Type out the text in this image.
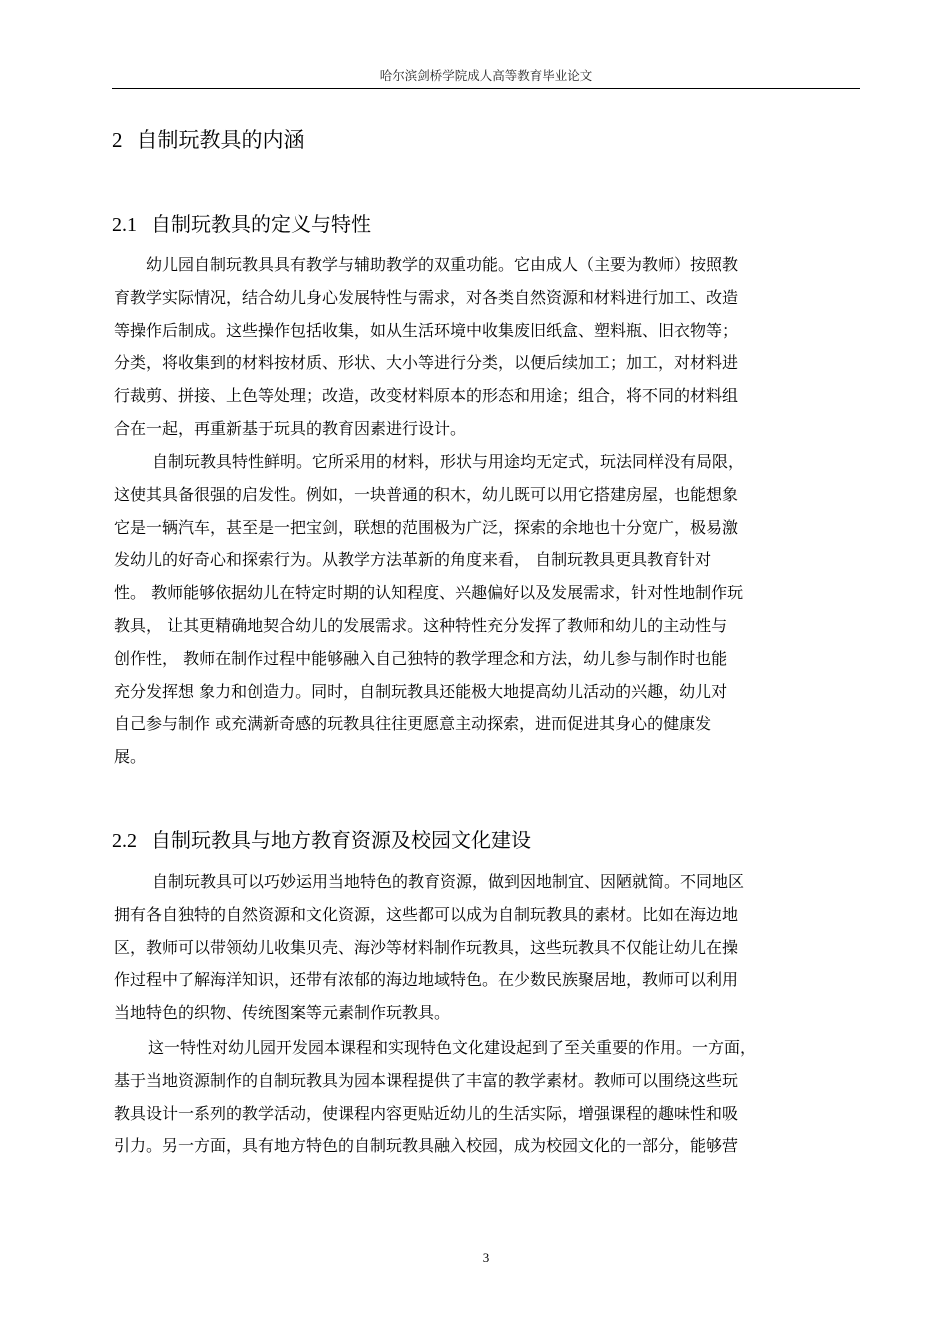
哈尔滨剑桥学院成人高等教育毕业论文
2 自制玩教具的内涵
2.1 自制玩教具的定义与特性
幼儿园自制玩教具具有教学与辅助教学的双重功能。它由成人（主要为教师）按照教
育教学实际情况，结合幼儿身心发展特性与需求，对各类自然资源和材料进行加工、改造
等操作后制成。这些操作包括收集，如从生活环境中收集废旧纸盒、塑料瓶、旧衣物等；
分类，将收集到的材料按材质、形状、大小等进行分类，以便后续加工；加工，对材料进
行裁剪、拼接、上色等处理；改造，改变材料原本的形态和用途；组合，将不同的材料组
合在一起，再重新基于玩具的教育因素进行设计。
自制玩教具特性鲜明。它所采用的材料，形状与用途均无定式，玩法同样没有局限，
这使其具备很强的启发性。例如，一块普通的积木，幼儿既可以用它搭建房屋，也能想象
它是一辆汽车，甚至是一把宝剑，联想的范围极为广泛，探索的余地也十分宽广，极易激
发幼儿的好奇心和探索行为。从教学方法革新的角度来看， 自制玩教具更具教育针对
性。 教师能够依据幼儿在特定时期的认知程度、兴趣偏好以及发展需求，针对性地制作玩
教具， 让其更精确地契合幼儿的发展需求。这种特性充分发挥了教师和幼儿的主动性与
创作性， 教师在制作过程中能够融入自己独特的教学理念和方法，幼儿参与制作时也能
充分发挥想 象力和创造力。同时，自制玩教具还能极大地提高幼儿活动的兴趣，幼儿对
自己参与制作 或充满新奇感的玩教具往往更愿意主动探索，进而促进其身心的健康发
展。
2.2 自制玩教具与地方教育资源及校园文化建设
自制玩教具可以巧妙运用当地特色的教育资源，做到因地制宜、因陋就简。不同地区
拥有各自独特的自然资源和文化资源，这些都可以成为自制玩教具的素材。比如在海边地
区，教师可以带领幼儿收集贝壳、海沙等材料制作玩教具，这些玩教具不仅能让幼儿在操
作过程中了解海洋知识，还带有浓郁的海边地域特色。在少数民族聚居地，教师可以利用
当地特色的织物、传统图案等元素制作玩教具。
这一特性对幼儿园开发园本课程和实现特色文化建设起到了至关重要的作用。一方面，
基于当地资源制作的自制玩教具为园本课程提供了丰富的教学素材。教师可以围绕这些玩
教具设计一系列的教学活动，使课程内容更贴近幼儿的生活实际，增强课程的趣味性和吸
引力。另一方面，具有地方特色的自制玩教具融入校园，成为校园文化的一部分，能够营
3
